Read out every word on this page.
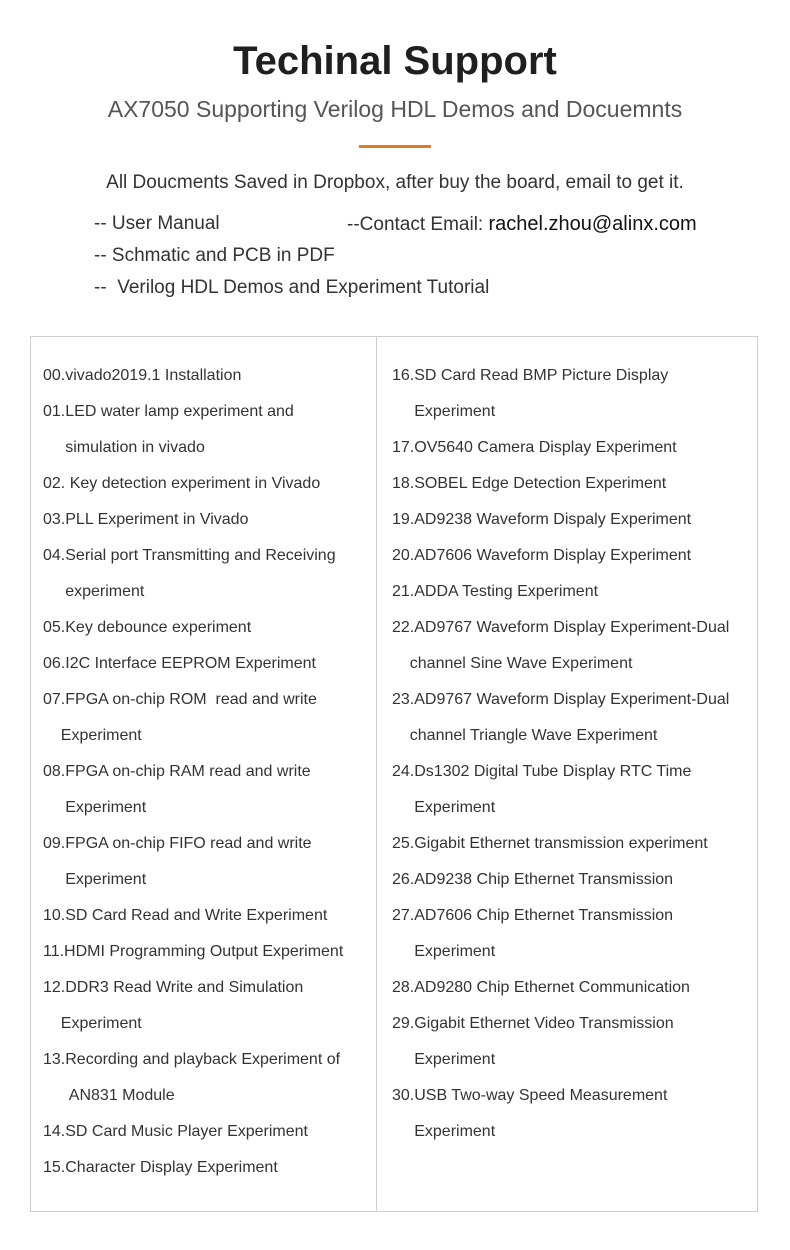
Techinal Support
AX7050 Supporting Verilog HDL Demos and Docuemnts
All Doucments Saved in Dropbox, after buy the board, email to get it.
-- User Manual
-- Schmatic and PCB in PDF
--  Verilog HDL Demos and Experiment Tutorial
--Contact Email: rachel.zhou@alinx.com
00.vivado2019.1 Installation
01.LED water lamp experiment and
simulation in vivado
02. Key detection experiment in Vivado
03.PLL Experiment in Vivado
04.Serial port Transmitting and Receiving
experiment
05.Key debounce experiment
06.I2C Interface EEPROM Experiment
07.FPGA on-chip ROM  read and write
Experiment
08.FPGA on-chip RAM read and write
Experiment
09.FPGA on-chip FIFO read and write
Experiment
10.SD Card Read and Write Experiment
11.HDMI Programming Output Experiment
12.DDR3 Read Write and Simulation
Experiment
13.Recording and playback Experiment of
AN831 Module
14.SD Card Music Player Experiment
15.Character Display Experiment
16.SD Card Read BMP Picture Display
Experiment
17.OV5640 Camera Display Experiment
18.SOBEL Edge Detection Experiment
19.AD9238 Waveform Dispaly Experiment
20.AD7606 Waveform Display Experiment
21.ADDA Testing Experiment
22.AD9767 Waveform Display Experiment-Dual
channel Sine Wave Experiment
23.AD9767 Waveform Display Experiment-Dual
channel Triangle Wave Experiment
24.Ds1302 Digital Tube Display RTC Time
Experiment
25.Gigabit Ethernet transmission experiment
26.AD9238 Chip Ethernet Transmission
27.AD7606 Chip Ethernet Transmission
Experiment
28.AD9280 Chip Ethernet Communication
29.Gigabit Ethernet Video Transmission
Experiment
30.USB Two-way Speed Measurement
Experiment
